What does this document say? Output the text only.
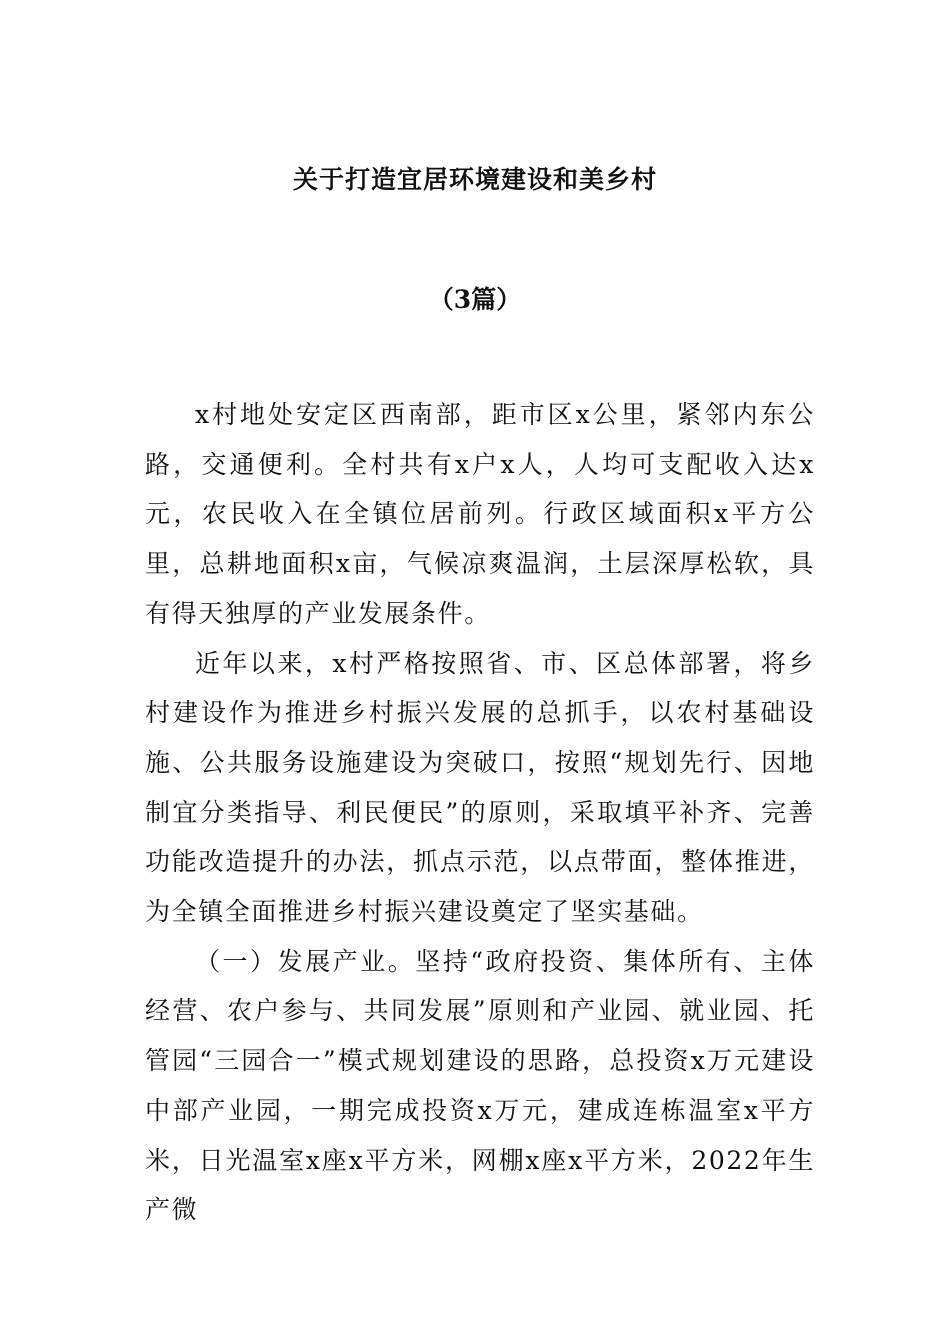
关于打造宜居环境建设和美乡村
（3篇）

x村地处安定区西南部，距市区x公里，紧邻内东公路，交通便利。全村共有x户x人，人均可支配收入达x元，农民收入在全镇位居前列。行政区域面积x平方公里，总耕地面积x亩，气候凉爽温润，土层深厚松软，具有得天独厚的产业发展条件。

近年以来，x村严格按照省、市、区总体部署，将乡村建设作为推进乡村振兴发展的总抓手，以农村基础设施、公共服务设施建设为突破口，按照“规划先行、因地制宜分类指导、利民便民”的原则，采取填平补齐、完善功能改造提升的办法，抓点示范，以点带面，整体推进，为全镇全面推进乡村振兴建设奠定了坚实基础。

（一）发展产业。坚持“政府投资、集体所有、主体经营、农户参与、共同发展”原则和产业园、就业园、托管园“三园合一”模式规划建设的思路，总投资x万元建设中部产业园，一期完成投资x万元，建成连栋温室x平方米，日光温室x座x平方米，网棚x座x平方米，2022年生产微
